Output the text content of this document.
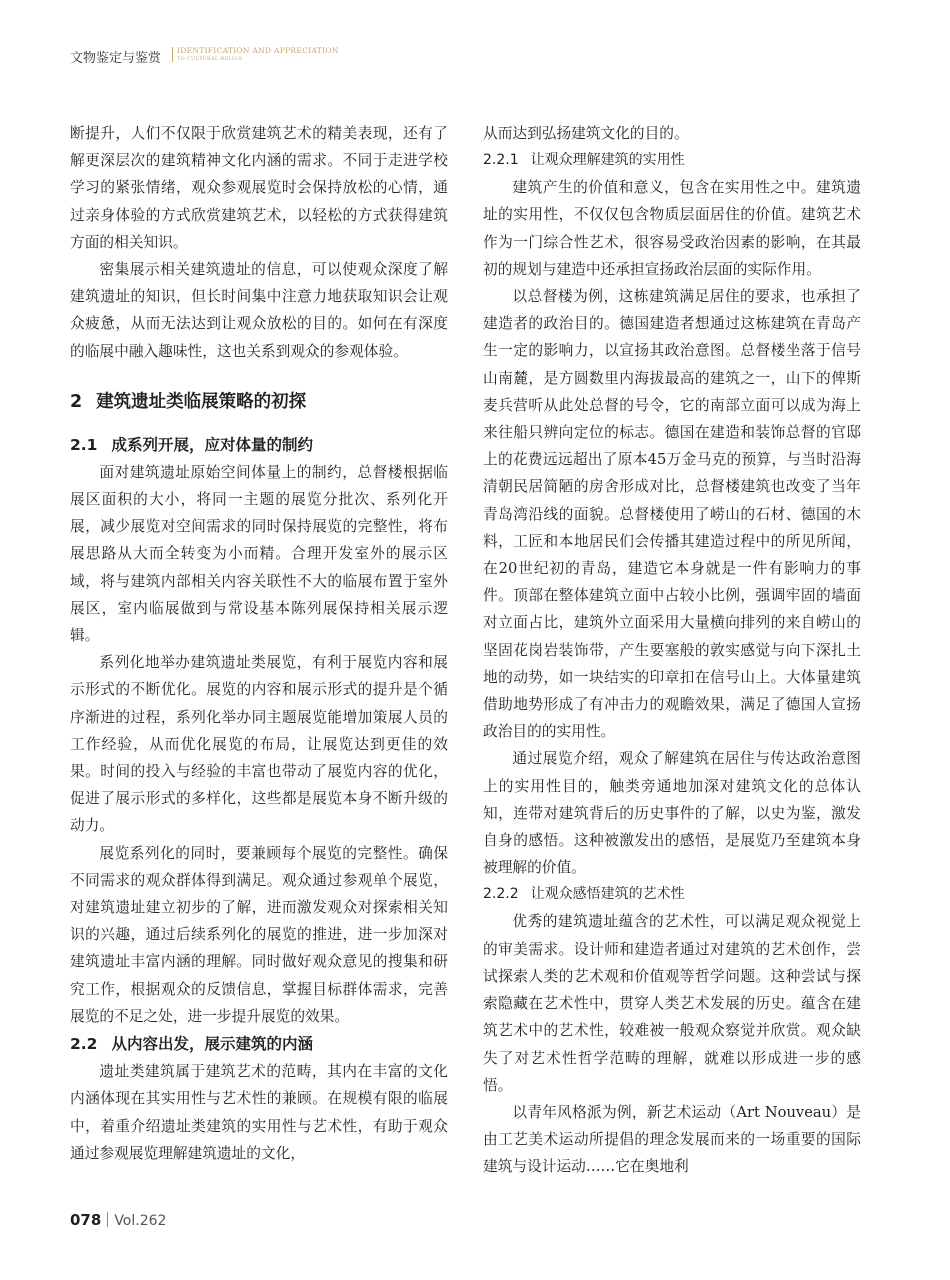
文物鉴定与鉴赏
IDENTIFICATION AND APPRECIATION
TO CULTURAL RELICS

断提升，人们不仅限于欣赏建筑艺术的精美表现，还有了解更深层次的建筑精神文化内涵的需求。不同于走进学校学习的紧张情绪，观众参观展览时会保持放松的心情，通过亲身体验的方式欣赏建筑艺术，以轻松的方式获得建筑方面的相关知识。

密集展示相关建筑遗址的信息，可以使观众深度了解建筑遗址的知识，但长时间集中注意力地获取知识会让观众疲惫，从而无法达到让观众放松的目的。如何在有深度的临展中融入趣味性，这也关系到观众的参观体验。

2 建筑遗址类临展策略的初探
2.1 成系列开展，应对体量的制约

面对建筑遗址原始空间体量上的制约，总督楼根据临展区面积的大小，将同一主题的展览分批次、系列化开展，减少展览对空间需求的同时保持展览的完整性，将布展思路从大而全转变为小而精。合理开发室外的展示区域，将与建筑内部相关内容关联性不大的临展布置于室外展区，室内临展做到与常设基本陈列展保持相关展示逻辑。

系列化地举办建筑遗址类展览，有利于展览内容和展示形式的不断优化。展览的内容和展示形式的提升是个循序渐进的过程，系列化举办同主题展览能增加策展人员的工作经验，从而优化展览的布局，让展览达到更佳的效果。时间的投入与经验的丰富也带动了展览内容的优化，促进了展示形式的多样化，这些都是展览本身不断升级的动力。

展览系列化的同时，要兼顾每个展览的完整性。确保不同需求的观众群体得到满足。观众通过参观单个展览，对建筑遗址建立初步的了解，进而激发观众对探索相关知识的兴趣，通过后续系列化的展览的推进，进一步加深对建筑遗址丰富内涵的理解。同时做好观众意见的搜集和研究工作，根据观众的反馈信息，掌握目标群体需求，完善展览的不足之处，进一步提升展览的效果。

2.2 从内容出发，展示建筑的内涵

遗址类建筑属于建筑艺术的范畴，其内在丰富的文化内涵体现在其实用性与艺术性的兼顾。在规模有限的临展中，着重介绍遗址类建筑的实用性与艺术性，有助于观众通过参观展览理解建筑遗址的文化，

从而达到弘扬建筑文化的目的。

2.2.1 让观众理解建筑的实用性

建筑产生的价值和意义，包含在实用性之中。建筑遗址的实用性，不仅仅包含物质层面居住的价值。建筑艺术作为一门综合性艺术，很容易受政治因素的影响，在其最初的规划与建造中还承担宣扬政治层面的实际作用。

以总督楼为例，这栋建筑满足居住的要求，也承担了建造者的政治目的。德国建造者想通过这栋建筑在青岛产生一定的影响力，以宣扬其政治意图。总督楼坐落于信号山南麓，是方圆数里内海拔最高的建筑之一，山下的俾斯麦兵营听从此处总督的号令，它的南部立面可以成为海上来往船只辨向定位的标志。德国在建造和装饰总督的官邸上的花费远远超出了原本45万金马克的预算，与当时沿海清朝民居简陋的房舍形成对比，总督楼建筑也改变了当年青岛湾沿线的面貌。总督楼使用了崂山的石材、德国的木料，工匠和本地居民们会传播其建造过程中的所见所闻，在20世纪初的青岛，建造它本身就是一件有影响力的事件。顶部在整体建筑立面中占较小比例，强调牢固的墙面对立面占比，建筑外立面采用大量横向排列的来自崂山的坚固花岗岩装饰带，产生要塞般的敦实感觉与向下深扎土地的动势，如一块结实的印章扣在信号山上。大体量建筑借助地势形成了有冲击力的观瞻效果，满足了德国人宣扬政治目的的实用性。

通过展览介绍，观众了解建筑在居住与传达政治意图上的实用性目的，触类旁通地加深对建筑文化的总体认知，连带对建筑背后的历史事件的了解，以史为鉴，激发自身的感悟。这种被激发出的感悟，是展览乃至建筑本身被理解的价值。

2.2.2 让观众感悟建筑的艺术性

优秀的建筑遗址蕴含的艺术性，可以满足观众视觉上的审美需求。设计师和建造者通过对建筑的艺术创作，尝试探索人类的艺术观和价值观等哲学问题。这种尝试与探索隐藏在艺术性中，贯穿人类艺术发展的历史。蕴含在建筑艺术中的艺术性，较难被一般观众察觉并欣赏。观众缺失了对艺术性哲学范畴的理解，就难以形成进一步的感悟。

以青年风格派为例，新艺术运动（Art Nouveau）是由工艺美术运动所提倡的理念发展而来的一场重要的国际建筑与设计运动……它在奥地利

078 Vol.262
